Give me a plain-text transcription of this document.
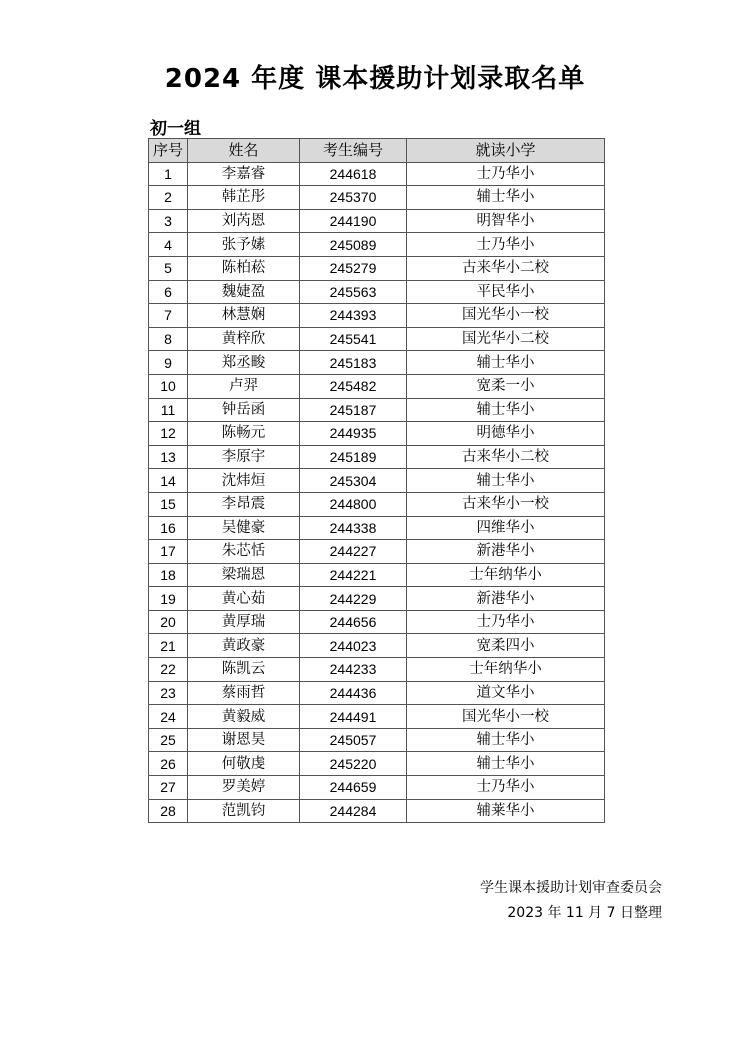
2024 年度 课本援助计划录取名单
初一组
序号	姓名	考生编号	就读小学
1	李嘉睿	244618	士乃华小
2	韩芷彤	245370	辅士华小
3	刘芮恩	244190	明智华小
4	张予嫊	245089	士乃华小
5	陈柏菘	245279	古来华小二校
6	魏婕盈	245563	平民华小
7	林慧娴	244393	国光华小一校
8	黄梓欣	245541	国光华小二校
9	郑丞畯	245183	辅士华小
10	卢羿	245482	宽柔一小
11	钟岳函	245187	辅士华小
12	陈畅元	244935	明德华小
13	李原宇	245189	古来华小二校
14	沈炜烜	245304	辅士华小
15	李昂震	244800	古来华小一校
16	吴健豪	244338	四维华小
17	朱芯恬	244227	新港华小
18	梁瑞恩	244221	士年纳华小
19	黄心茹	244229	新港华小
20	黄厚瑞	244656	士乃华小
21	黄政豪	244023	宽柔四小
22	陈凯云	244233	士年纳华小
23	蔡雨哲	244436	道文华小
24	黄毅威	244491	国光华小一校
25	谢恩昊	245057	辅士华小
26	何敬虔	245220	辅士华小
27	罗美婷	244659	士乃华小
28	范凯钧	244284	辅莱华小
学生课本援助计划审查委员会
2023 年 11 月 7 日整理
